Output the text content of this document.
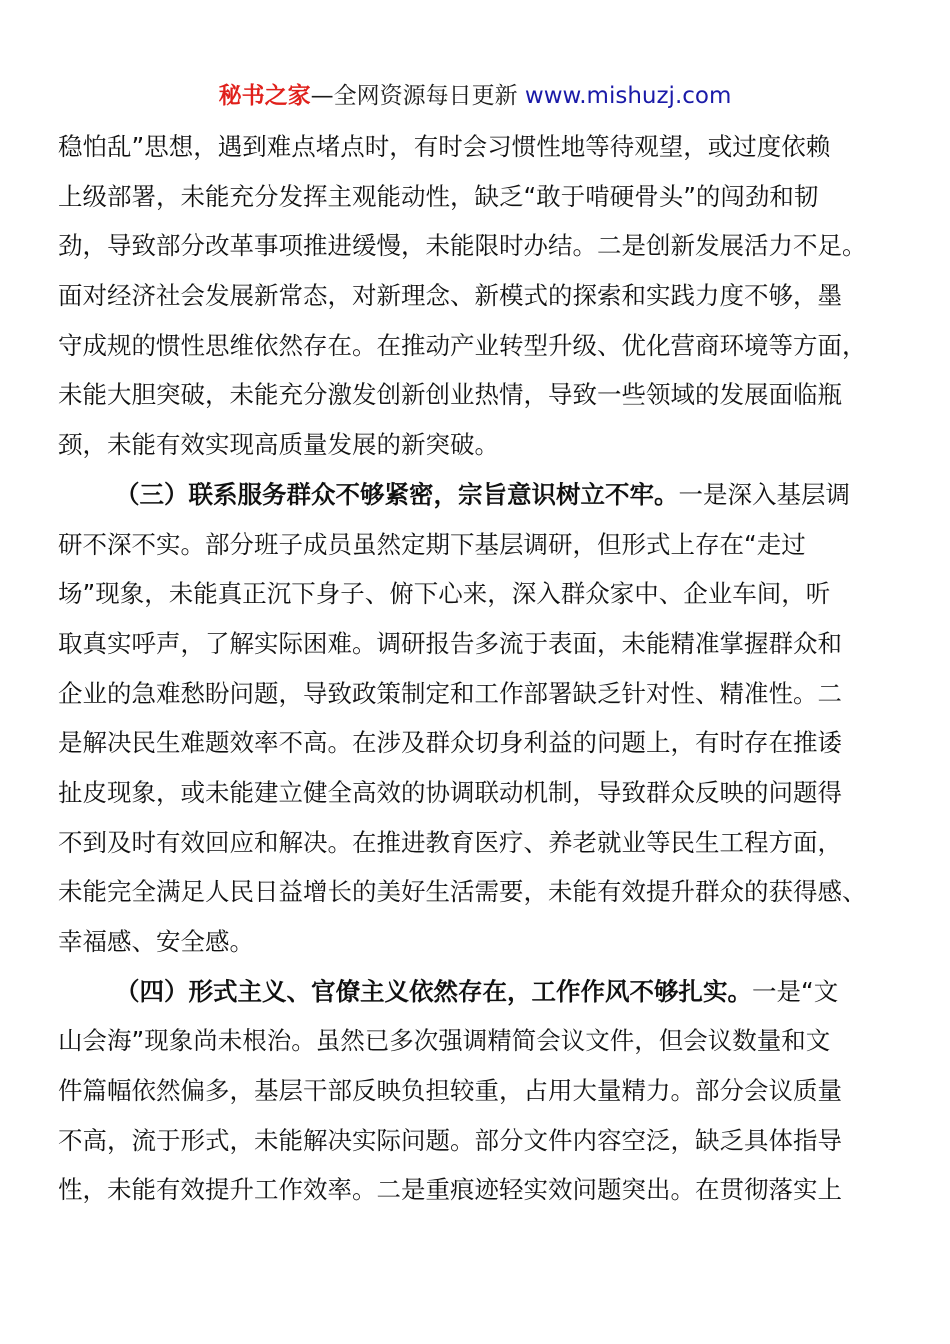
秘书之家—全网资源每日更新 www.mishuzj.com
稳怕乱”思想，遇到难点堵点时，有时会习惯性地等待观望，或过度依赖
上级部署，未能充分发挥主观能动性，缺乏“敢于啃硬骨头”的闯劲和韧
劲，导致部分改革事项推进缓慢，未能限时办结。二是创新发展活力不足。
面对经济社会发展新常态，对新理念、新模式的探索和实践力度不够，墨
守成规的惯性思维依然存在。在推动产业转型升级、优化营商环境等方面，
未能大胆突破，未能充分激发创新创业热情，导致一些领域的发展面临瓶
颈，未能有效实现高质量发展的新突破。
（三）联系服务群众不够紧密，宗旨意识树立不牢。一是深入基层调
研不深不实。部分班子成员虽然定期下基层调研，但形式上存在“走过
场”现象，未能真正沉下身子、俯下心来，深入群众家中、企业车间，听
取真实呼声，了解实际困难。调研报告多流于表面，未能精准掌握群众和
企业的急难愁盼问题，导致政策制定和工作部署缺乏针对性、精准性。二
是解决民生难题效率不高。在涉及群众切身利益的问题上，有时存在推诿
扯皮现象，或未能建立健全高效的协调联动机制，导致群众反映的问题得
不到及时有效回应和解决。在推进教育医疗、养老就业等民生工程方面，
未能完全满足人民日益增长的美好生活需要，未能有效提升群众的获得感、
幸福感、安全感。
（四）形式主义、官僚主义依然存在，工作作风不够扎实。一是“文
山会海”现象尚未根治。虽然已多次强调精简会议文件，但会议数量和文
件篇幅依然偏多，基层干部反映负担较重，占用大量精力。部分会议质量
不高，流于形式，未能解决实际问题。部分文件内容空泛，缺乏具体指导
性，未能有效提升工作效率。二是重痕迹轻实效问题突出。在贯彻落实上
